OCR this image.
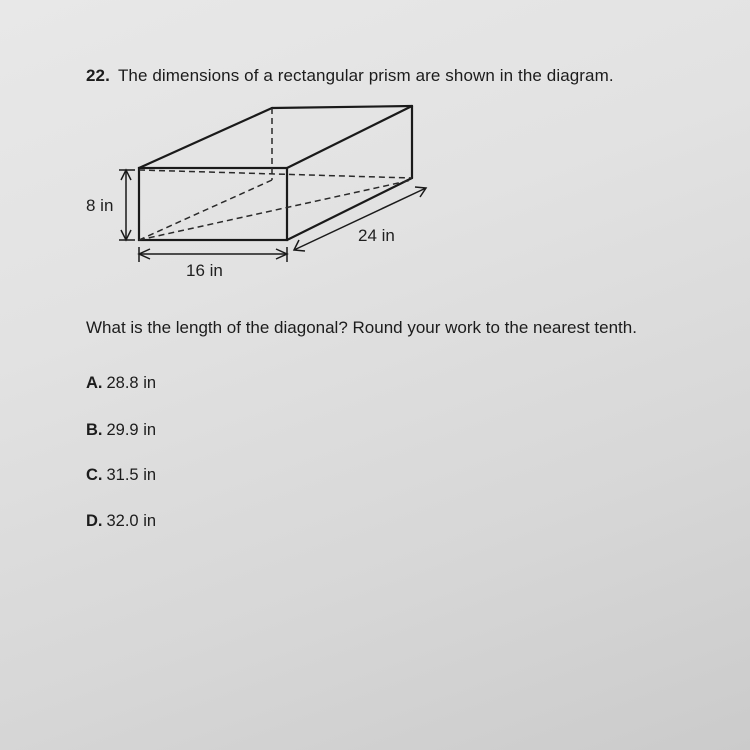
22. The dimensions of a rectangular prism are shown in the diagram.
8 in
16 in
24 in
What is the length of the diagonal? Round your work to the nearest tenth.
A. 28.8 in
B. 29.9 in
C. 31.5 in
D. 32.0 in
